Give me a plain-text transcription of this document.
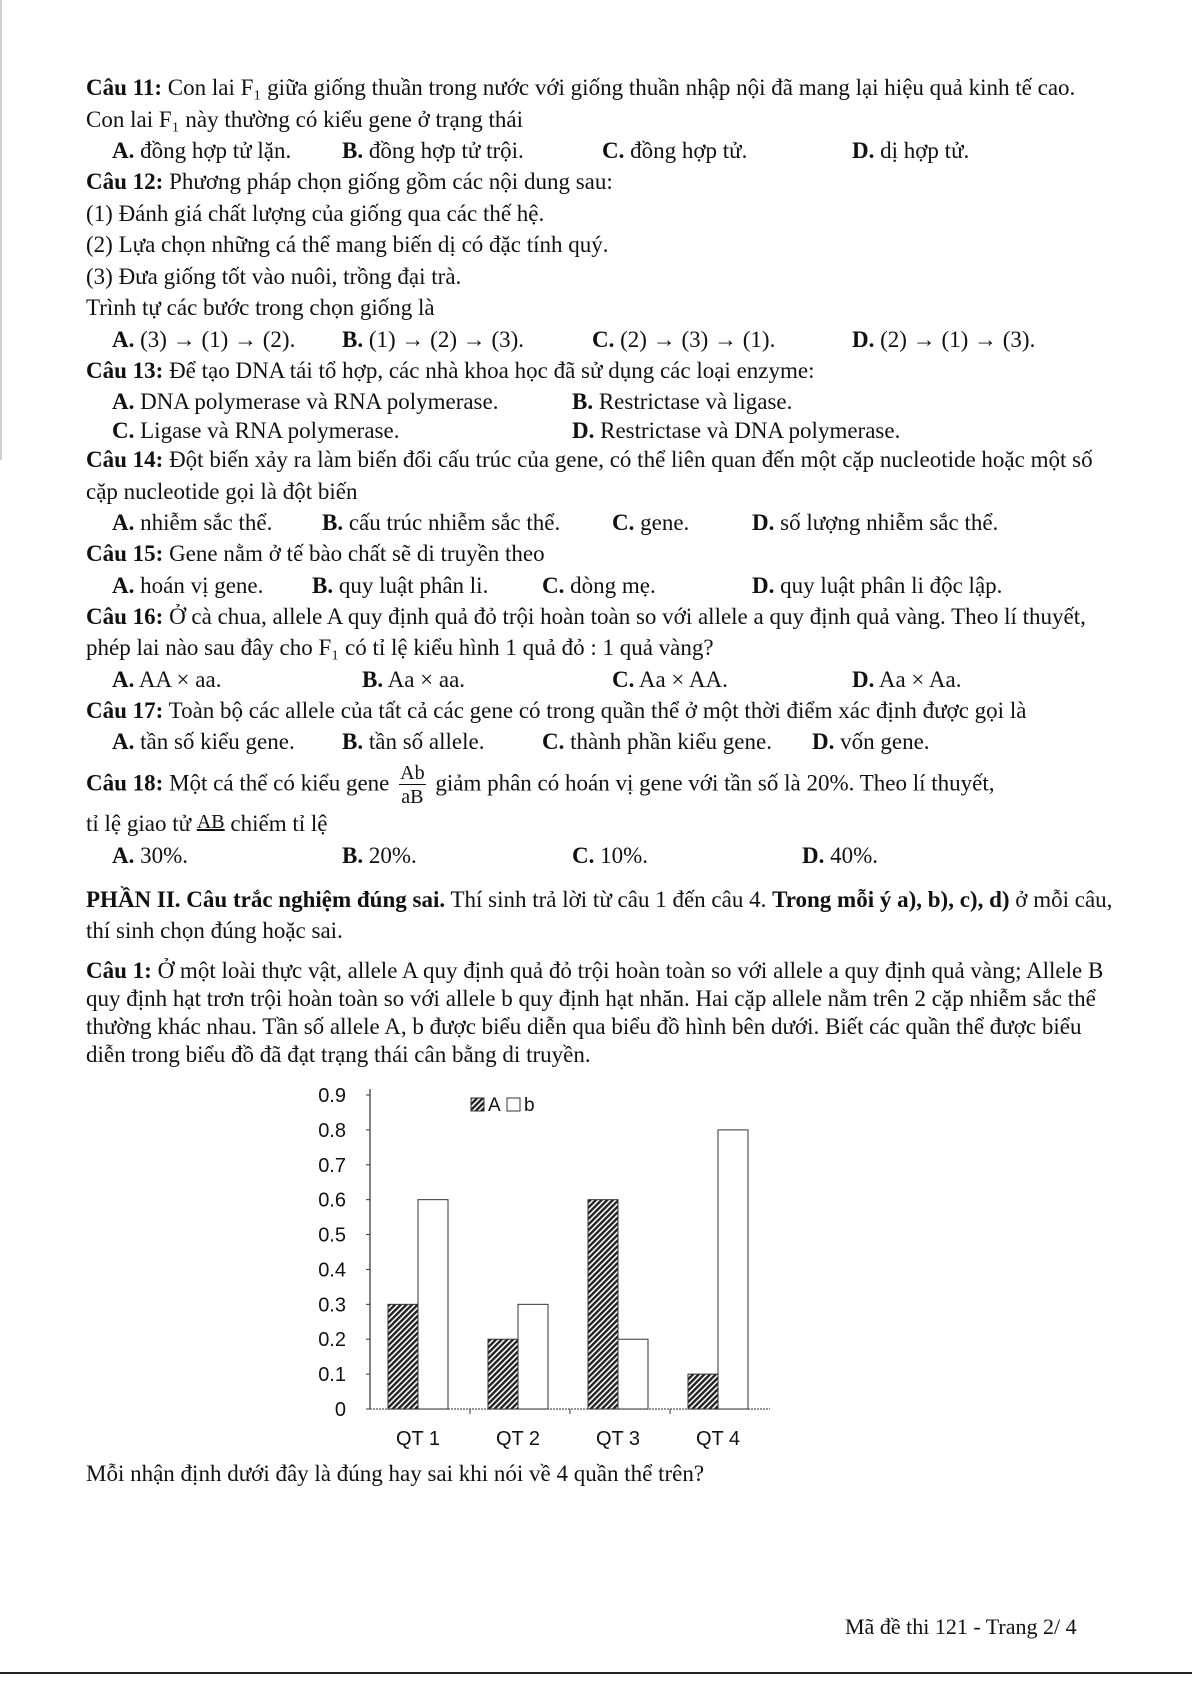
Câu 11: Con lai F₁ giữa giống thuần trong nước với giống thuần nhập nội đã mang lại hiệu quả kinh tế cao. Con lai F₁ này thường có kiểu gene ở trạng thái
A. đồng hợp tử lặn. B. đồng hợp tử trội.	C. đồng hợp tử.	D. dị hợp tử.
Câu 12: Phương pháp chọn giống gồm các nội dung sau:
(1) Đánh giá chất lượng của giống qua các thế hệ.
(2) Lựa chọn những cá thể mang biến dị có đặc tính quý.
(3) Đưa giống tốt vào nuôi, trồng đại trà.
Trình tự các bước trong chọn giống là
A. (3) → (1) → (2). B. (1) → (2) → (3).	C. (2) → (3) → (1).	D. (2) → (1) → (3).
Câu 13: Để tạo DNA tái tổ hợp, các nhà khoa học đã sử dụng các loại enzyme:
A. DNA polymerase và RNA polymerase.	B. Restrictase và ligase.
C. Ligase và RNA polymerase.	D. Restrictase và DNA polymerase.
Câu 14: Đột biến xảy ra làm biến đổi cấu trúc của gene, có thể liên quan đến một cặp nucleotide hoặc một số cặp nucleotide gọi là đột biến
A. nhiễm sắc thể. B. cấu trúc nhiễm sắc thể. C. gene.	D. số lượng nhiễm sắc thể.
Câu 15: Gene nằm ở tế bào chất sẽ di truyền theo
A. hoán vị gene. B. quy luật phân li. C. dòng mẹ.	D. quy luật phân li độc lập.
Câu 16: Ở cà chua, allele A quy định quả đỏ trội hoàn toàn so với allele a quy định quả vàng. Theo lí thuyết, phép lai nào sau đây cho F₁ có tỉ lệ kiểu hình 1 quả đỏ : 1 quả vàng?
A. AA × aa.	B. Aa × aa.	C. Aa × AA.	D. Aa × Aa.
Câu 17: Toàn bộ các allele của tất cả các gene có trong quần thể ở một thời điểm xác định được gọi là
A. tần số kiểu gene. B. tần số allele.	C. thành phần kiểu gene. D. vốn gene.
Câu 18: Một cá thể có kiểu gene $\frac{Ab}{aB}$ giảm phân có hoán vị gene với tần số là 20%. Theo lí thuyết,
tỉ lệ giao tử AB chiếm tỉ lệ
A. 30%.	B. 20%.	C. 10%.	D. 40%.
PHẦN II. Câu trắc nghiệm đúng sai. Thí sinh trả lời từ câu 1 đến câu 4. Trong mỗi ý a), b), c), d) ở mỗi câu, thí sinh chọn đúng hoặc sai.
Câu 1: Ở một loài thực vật, allele A quy định quả đỏ trội hoàn toàn so với allele a quy định quả vàng; Allele B quy định hạt trơn trội hoàn toàn so với allele b quy định hạt nhăn. Hai cặp allele nằm trên 2 cặp nhiễm sắc thể thường khác nhau. Tần số allele A, b được biểu diễn qua biểu đồ hình bên dưới. Biết các quần thể được biểu diễn trong biểu đồ đã đạt trạng thái cân bằng di truyền.
0
0.1
0.2
0.3
0.4
0.5
0.6
0.7
0.8
0.9
QT 1	QT 2	QT 3	QT 4
A b
Mỗi nhận định dưới đây là đúng hay sai khi nói về 4 quần thể trên?
Mã đề thi 121 - Trang 2/ 4
